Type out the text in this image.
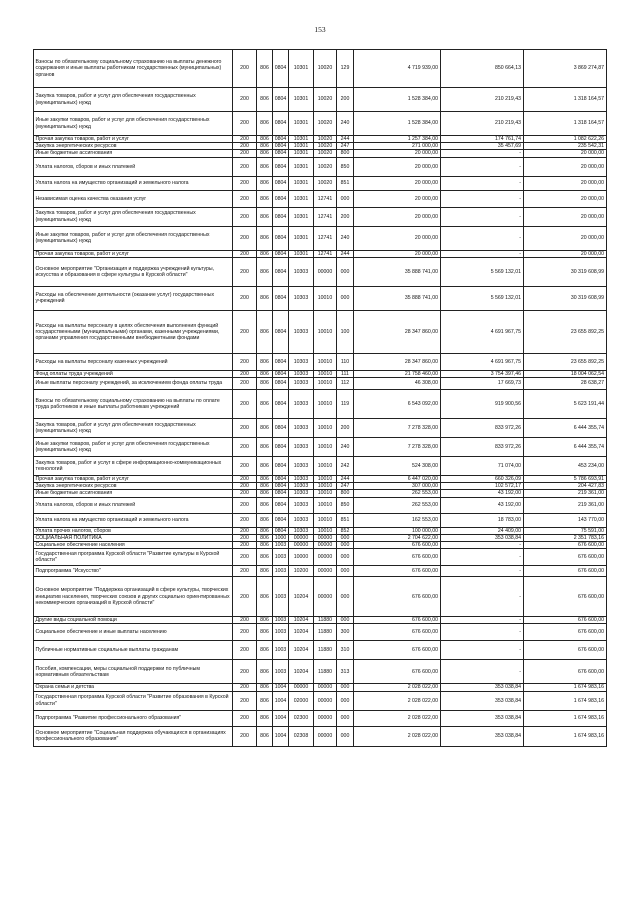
153
Взносы по обязательному социальному страхованию на выплаты денежного содержания и иные выплаты работникам государственных (муниципальных) органов	200	806	0804	10301	10020	129	4 719 939,00	850 664,13	3 869 274,87
Закупка товаров, работ и услуг для обеспечения государственных (муниципальных) нужд	200	806	0804	10301	10020	200	1 528 384,00	210 219,43	1 318 164,57
Иные закупки товаров, работ и услуг для обеспечения государственных (муниципальных) нужд	200	806	0804	10301	10020	240	1 528 384,00	210 219,43	1 318 164,57
Прочая закупка товаров, работ и услуг	200	806	0804	10301	10020	244	1 257 384,00	174 761,74	1 082 622,26
Закупка энергетических ресурсов	200	806	0804	10301	10020	247	271 000,00	35 457,69	235 542,31
Иные бюджетные ассигнования	200	806	0804	10301	10020	800	20 000,00	-	20 000,00
Уплата налогов, сборов и иных платежей	200	806	0804	10301	10020	850	20 000,00	-	20 000,00
Уплата налога на имущество организаций и земельного налога	200	806	0804	10301	10020	851	20 000,00	-	20 000,00
Независимая оценка качества оказания услуг	200	806	0804	10301	12741	000	20 000,00	-	20 000,00
Закупка товаров, работ и услуг для обеспечения государственных (муниципальных) нужд	200	806	0804	10301	12741	200	20 000,00	-	20 000,00
Иные закупки товаров, работ и услуг для обеспечения государственных (муниципальных) нужд	200	806	0804	10301	12741	240	20 000,00	-	20 000,00
Прочая закупка товаров, работ и услуг	200	806	0804	10301	12741	244	20 000,00	-	20 000,00
Основное мероприятие "Организация и поддержка учреждений культуры, искусства и образования в сфере культуры в Курской области"	200	806	0804	10303	00000	000	35 888 741,00	5 569 132,01	30 319 608,99
Расходы на обеспечение деятельности (оказание услуг) государственных учреждений	200	806	0804	10303	10010	000	35 888 741,00	5 569 132,01	30 319 608,99
Расходы на выплаты персоналу в целях обеспечения выполнения функций государственными (муниципальными) органами, казенными учреждениями, органами управления государственными внебюджетными фондами	200	806	0804	10303	10010	100	28 347 860,00	4 691 967,75	23 655 892,25
Расходы на выплаты персоналу казенных учреждений	200	806	0804	10303	10010	110	28 347 860,00	4 691 967,75	23 655 892,25
Фонд оплаты труда учреждений	200	806	0804	10303	10010	111	21 758 460,00	3 754 397,46	18 004 062,54
Иные выплаты персоналу учреждений, за исключением фонда оплаты труда	200	806	0804	10303	10010	112	46 308,00	17 669,73	28 638,27
Взносы по обязательному социальному страхованию на выплаты по оплате труда работников и иные выплаты работникам учреждений	200	806	0804	10303	10010	119	6 543 092,00	919 900,56	5 623 191,44
Закупка товаров, работ и услуг для обеспечения государственных (муниципальных) нужд	200	806	0804	10303	10010	200	7 278 328,00	833 972,26	6 444 355,74
Иные закупки товаров, работ и услуг для обеспечения государственных (муниципальных) нужд	200	806	0804	10303	10010	240	7 278 328,00	833 972,26	6 444 355,74
Закупка товаров, работ и услуг в сфере информационно-коммуникационных технологий	200	806	0804	10303	10010	242	524 308,00	71 074,00	453 234,00
Прочая закупка товаров, работ и услуг	200	806	0804	10303	10010	244	6 447 020,00	660 326,09	5 786 693,91
Закупка энергетических ресурсов	200	806	0804	10303	10010	247	307 000,00	102 572,17	204 427,83
Иные бюджетные ассигнования	200	806	0804	10303	10010	800	262 553,00	43 192,00	219 361,00
Уплата налогов, сборов и иных платежей	200	806	0804	10303	10010	850	262 553,00	43 192,00	219 361,00
Уплата налога на имущество организаций и земельного налога	200	806	0804	10303	10010	851	162 553,00	18 783,00	143 770,00
Уплата прочих налогов, сборов	200	806	0804	10303	10010	852	100 000,00	24 409,00	75 591,00
СОЦИАЛЬНАЯ ПОЛИТИКА	200	806	1000	00000	00000	000	2 704 622,00	353 038,84	2 351 783,16
Социальное обеспечение населения	200	806	1003	00000	00000	000	676 600,00	-	676 600,00
Государственная программа Курской области "Развитие культуры в Курской области"	200	806	1003	10000	00000	000	676 600,00	-	676 600,00
Подпрограмма "Искусство"	200	806	1003	10200	00000	000	676 600,00	-	676 600,00
Основное мероприятие "Поддержка организаций в сфере культуры, творческих инициатив населения, творческих союзов и других социально ориентированных некоммерческих организаций в Курской области"	200	806	1003	10204	00000	000	676 600,00	-	676 600,00
Другие виды социальной помощи	200	806	1003	10204	11880	000	676 600,00	-	676 600,00
Социальное обеспечение и иные выплаты населению	200	806	1003	10204	11880	300	676 600,00	-	676 600,00
Публичные нормативные социальные выплаты гражданам	200	806	1003	10204	11880	310	676 600,00	-	676 600,00
Пособия, компенсации, меры социальной поддержки по публичным нормативным обязательствам	200	806	1003	10204	11880	313	676 600,00	-	676 600,00
Охрана семьи и детства	200	806	1004	00000	00000	000	2 028 022,00	353 038,84	1 674 983,16
Государственная программа Курской области "Развитие образования в Курской области"	200	806	1004	02000	00000	000	2 028 022,00	353 038,84	1 674 983,16
Подпрограмма "Развитие профессионального образования"	200	806	1004	02300	00000	000	2 028 022,00	353 038,84	1 674 983,16
Основное мероприятие "Социальная поддержка обучающихся в организациях профессионального образования"	200	806	1004	02308	00000	000	2 028 022,00	353 038,84	1 674 983,16
